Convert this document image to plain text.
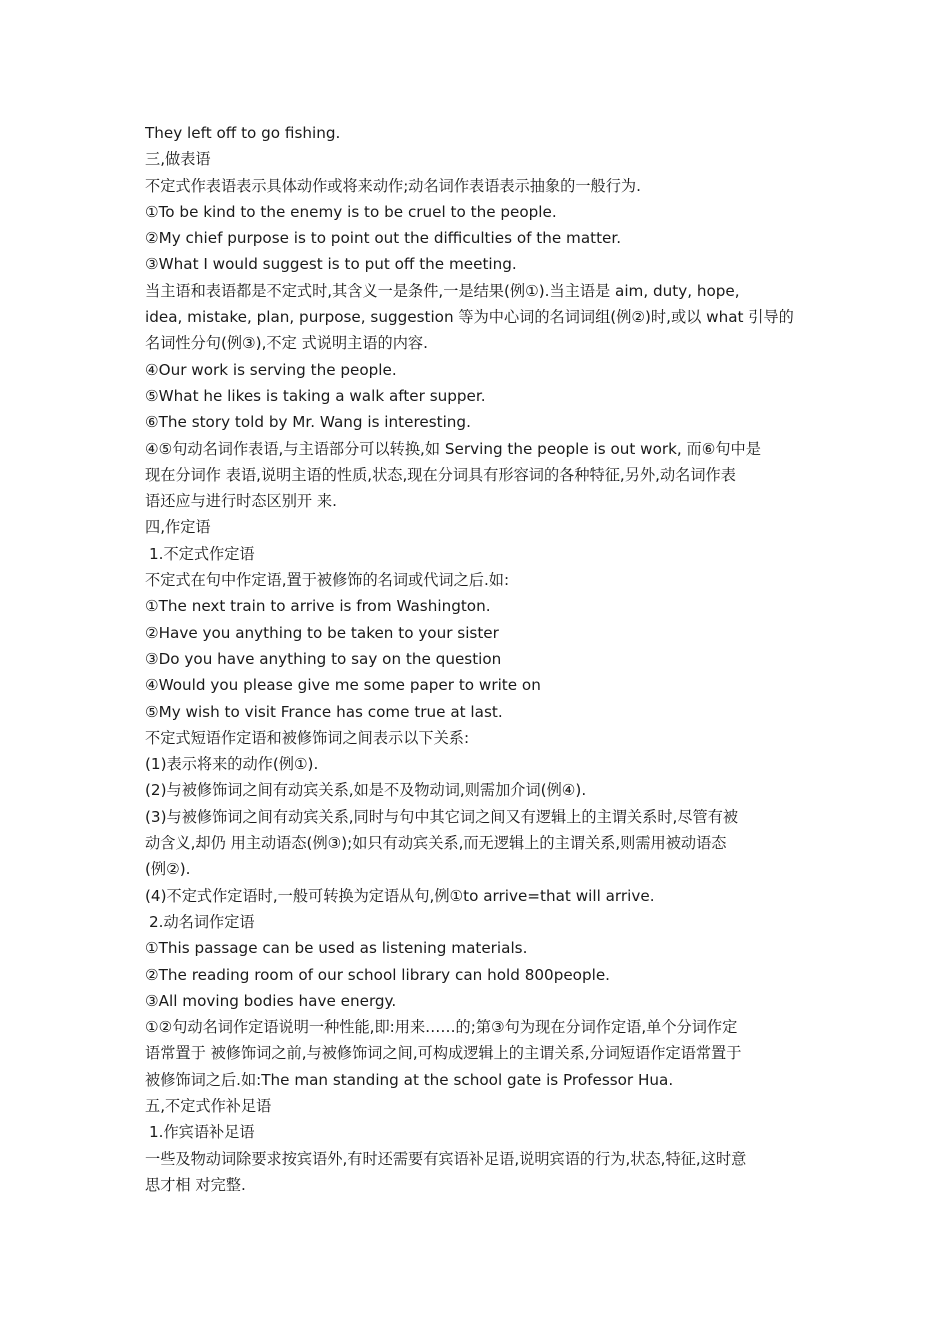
They left off to go fishing.
三,做表语
不定式作表语表示具体动作或将来动作;动名词作表语表示抽象的一般行为.
①To be kind to the enemy is to be cruel to the people.
②My chief purpose is to point out the difficulties of the matter.
③What I would suggest is to put off the meeting.
当主语和表语都是不定式时,其含义一是条件,一是结果(例①).当主语是 aim, duty, hope,
idea, mistake, plan, purpose, suggestion 等为中心词的名词词组(例②)时,或以 what 引导的
名词性分句(例③),不定 式说明主语的内容.
④Our work is serving the people.
⑤What he likes is taking a walk after supper.
⑥The story told by Mr. Wang is interesting.
④⑤句动名词作表语,与主语部分可以转换,如 Serving the people is out work, 而⑥句中是
现在分词作 表语,说明主语的性质,状态,现在分词具有形容词的各种特征,另外,动名词作表
语还应与进行时态区别开 来.
四,作定语
1.不定式作定语
不定式在句中作定语,置于被修饰的名词或代词之后.如:
①The next train to arrive is from Washington.
②Have you anything to be taken to your sister
③Do you have anything to say on the question
④Would you please give me some paper to write on
⑤My wish to visit France has come true at last.
不定式短语作定语和被修饰词之间表示以下关系:
(1)表示将来的动作(例①).
(2)与被修饰词之间有动宾关系,如是不及物动词,则需加介词(例④).
(3)与被修饰词之间有动宾关系,同时与句中其它词之间又有逻辑上的主谓关系时,尽管有被
动含义,却仍 用主动语态(例③);如只有动宾关系,而无逻辑上的主谓关系,则需用被动语态
(例②).
(4)不定式作定语时,一般可转换为定语从句,例①to arrive=that will arrive.
2.动名词作定语
①This passage can be used as listening materials.
②The reading room of our school library can hold 800people.
③All moving bodies have energy.
①②句动名词作定语说明一种性能,即:用来……的;第③句为现在分词作定语,单个分词作定
语常置于 被修饰词之前,与被修饰词之间,可构成逻辑上的主谓关系,分词短语作定语常置于
被修饰词之后.如:The man standing at the school gate is Professor Hua.
五,不定式作补足语
1.作宾语补足语
一些及物动词除要求按宾语外,有时还需要有宾语补足语,说明宾语的行为,状态,特征,这时意
思才相 对完整.
